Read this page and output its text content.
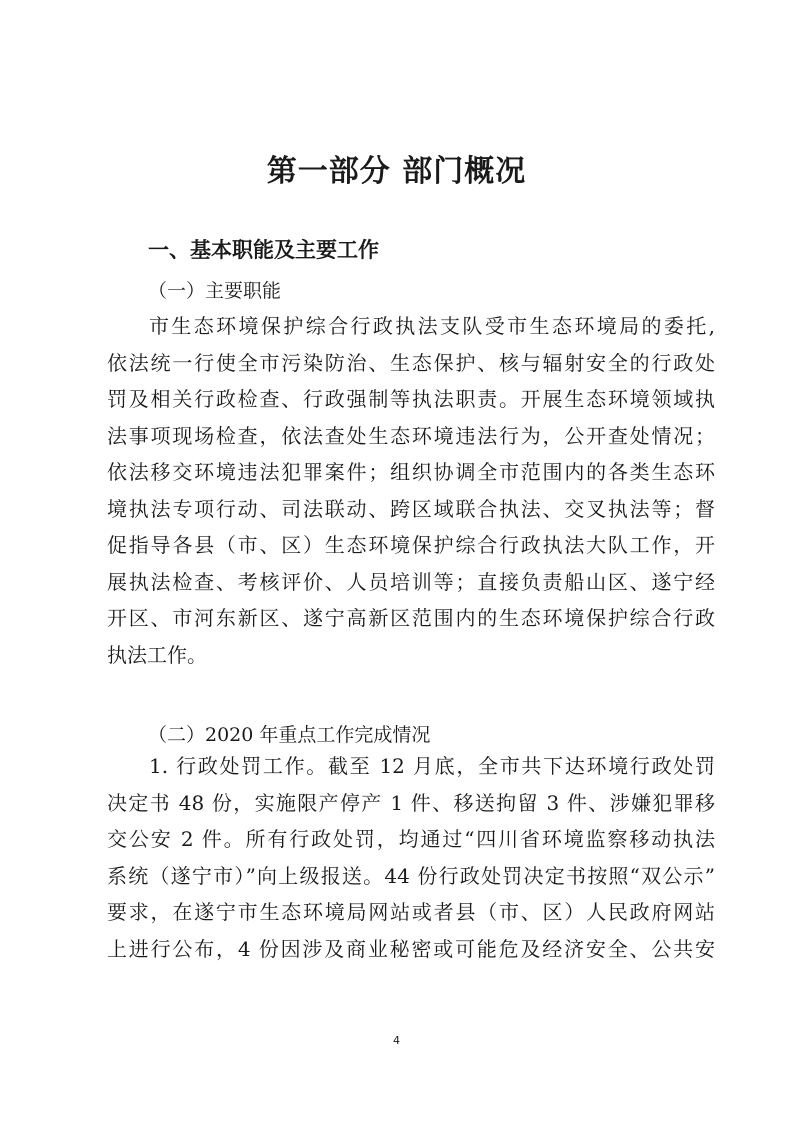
第一部分 部门概况
一、基本职能及主要工作
（一）主要职能
市生态环境保护综合行政执法支队受市生态环境局的委托,
依法统一行使全市污染防治、生态保护、核与辐射安全的行政处
罚及相关行政检查、行政强制等执法职责。开展生态环境领域执
法事项现场检查，依法查处生态环境违法行为，公开查处情况；
依法移交环境违法犯罪案件；组织协调全市范围内的各类生态环
境执法专项行动、司法联动、跨区域联合执法、交叉执法等；督
促指导各县（市、区）生态环境保护综合行政执法大队工作，开
展执法检查、考核评价、人员培训等；直接负责船山区、遂宁经
开区、市河东新区、遂宁高新区范围内的生态环境保护综合行政
执法工作。
（二）2020 年重点工作完成情况
1. 行政处罚工作。截至 12 月底，全市共下达环境行政处罚
决定书 48 份，实施限产停产 1 件、移送拘留 3 件、涉嫌犯罪移
交公安 2 件。所有行政处罚，均通过“四川省环境监察移动执法
系统（遂宁市）”向上级报送。44 份行政处罚决定书按照“双公示”
要求，在遂宁市生态环境局网站或者县（市、区）人民政府网站
上进行公布，4 份因涉及商业秘密或可能危及经济安全、公共安
4
